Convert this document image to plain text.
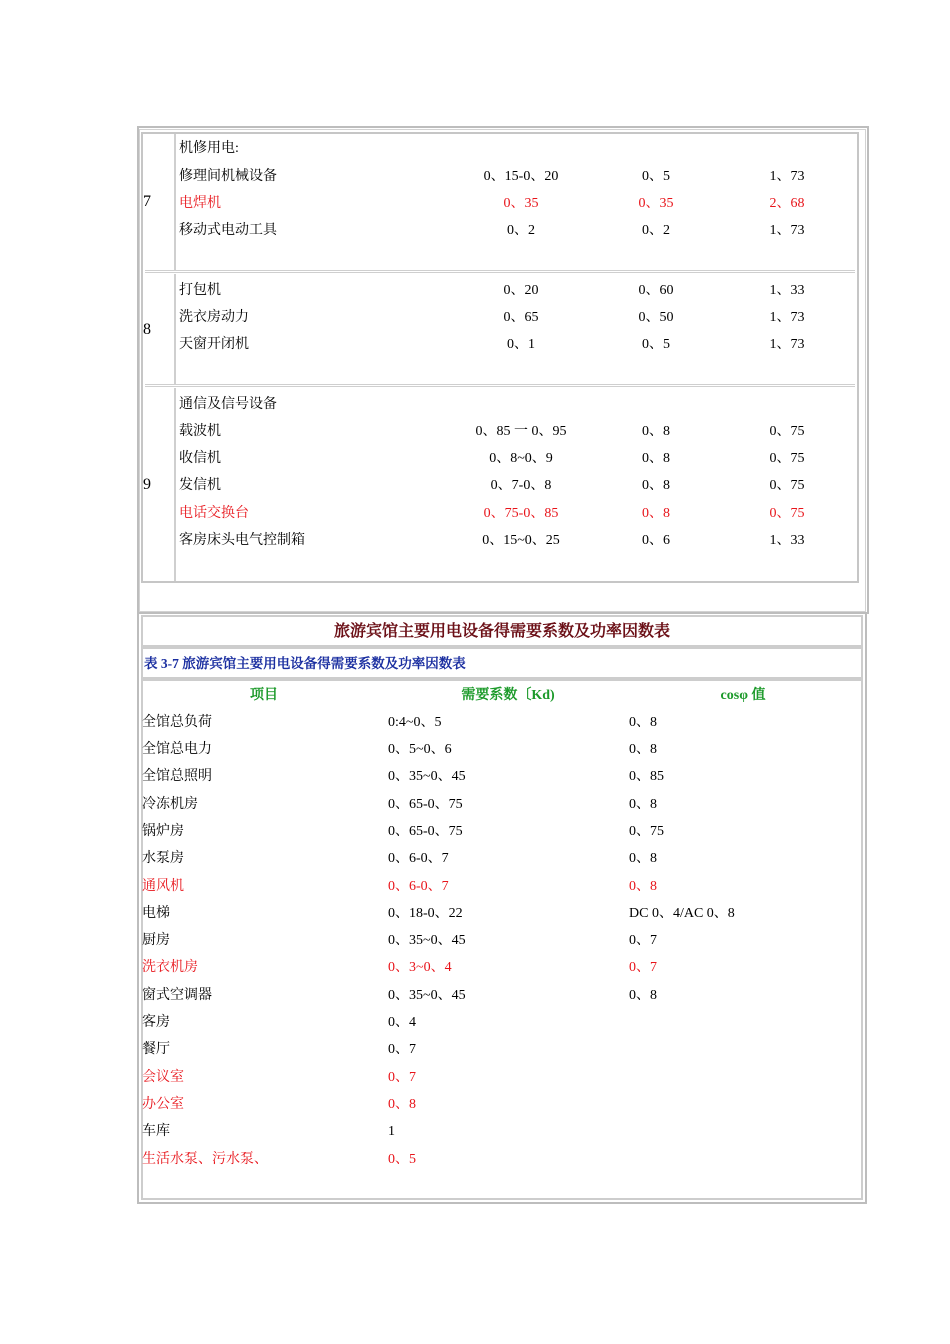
7
机修用电:
修理间机械设备	0、15-0、20	0、5	1、73
电焊机	0、35	0、35	2、68
移动式电动工具	0、2	0、2	1、73
8
打包机	0、20	0、60	1、33
洗衣房动力	0、65	0、50	1、73
天窗开闭机	0、1	0、5	1、73
9
通信及信号设备
载波机	0、85 一 0、95	0、8	0、75
收信机	0、8~0、9	0、8	0、75
发信机	0、7-0、8	0、8	0、75
电话交换台	0、75-0、85	0、8	0、75
客房床头电气控制箱	0、15~0、25	0、6	1、33
旅游宾馆主要用电设备得需要系数及功率因数表
表 3-7 旅游宾馆主要用电设备得需要系数及功率因数表
项目	需要系数〔Kd)	cosφ 值
全馆总负荷	0:4~0、5	0、8
全馆总电力	0、5~0、6	0、8
全馆总照明	0、35~0、45	0、85
冷冻机房	0、65-0、75	0、8
锅炉房	0、65-0、75	0、75
水泵房	0、6-0、7	0、8
通风机	0、6-0、7	0、8
电梯	0、18-0、22	DC 0、4/AC 0、8
厨房	0、35~0、45	0、7
洗衣机房	0、3~0、4	0、7
窗式空调器	0、35~0、45	0、8
客房	0、4
餐厅	0、7
会议室	0、7
办公室	0、8
车库	1
生活水泵、污水泵、	0、5
